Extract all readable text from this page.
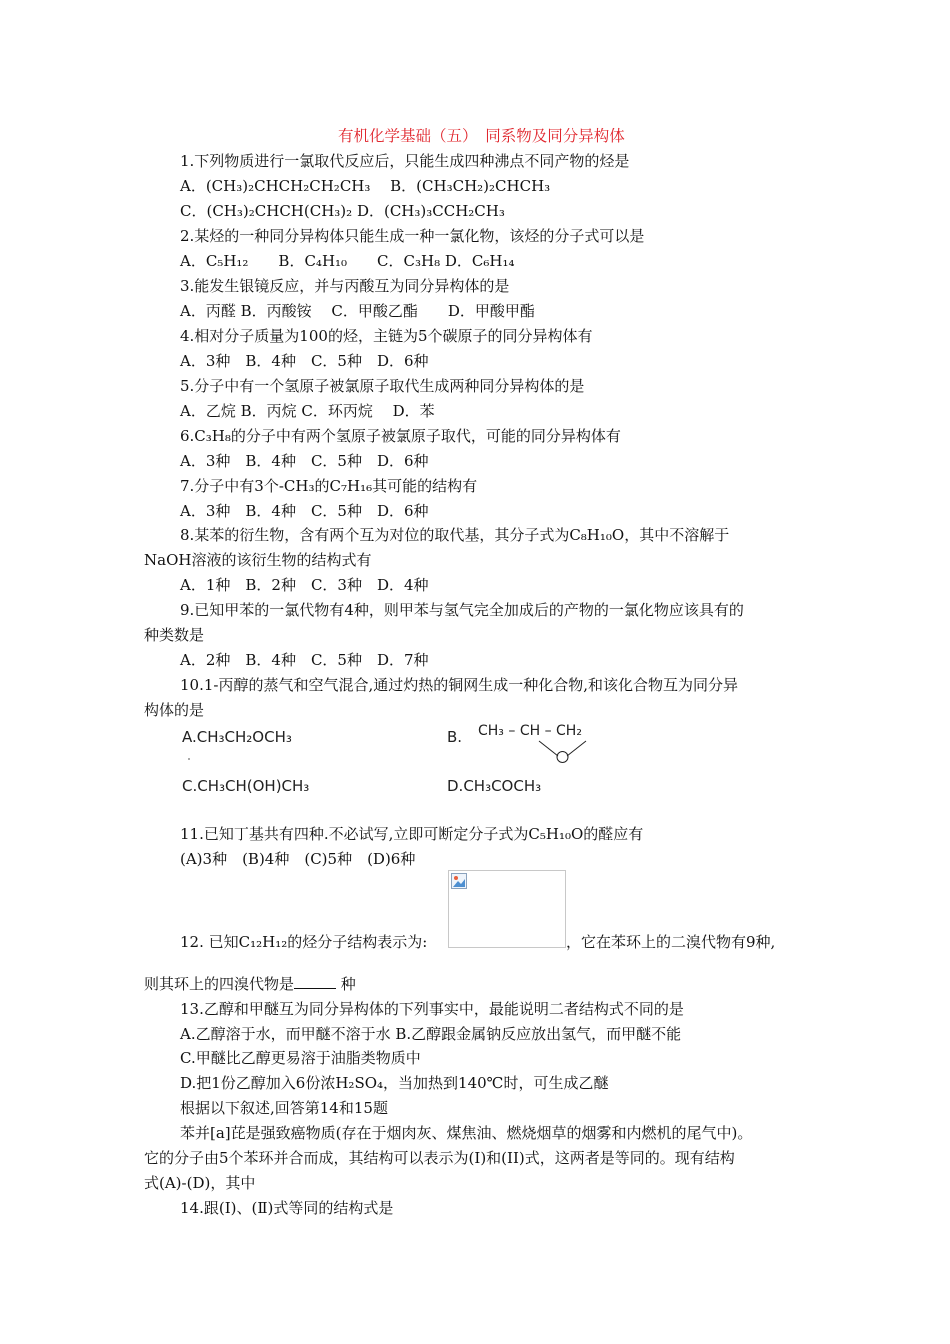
有机化学基础（五）　同系物及同分异构体
1.下列物质进行一氯取代反应后，只能生成四种沸点不同产物的烃是
A．(CH₃)₂CHCH₂CH₂CH₃　 B．(CH₃CH₂)₂CHCH₃
C．(CH₃)₂CHCH(CH₃)₂ D．(CH₃)₃CCH₂CH₃
2.某烃的一种同分异构体只能生成一种一氯化物，该烃的分子式可以是
A．C₅H₁₂　　B．C₄H₁₀　　C．C₃H₈ D．C₆H₁₄
3.能发生银镜反应，并与丙酸互为同分异构体的是
A．丙醛 B．丙酸铵　 C．甲酸乙酯　　D．甲酸甲酯
4.相对分子质量为100的烃，主链为5个碳原子的同分异构体有
A．3种　B．4种　C．5种　D．6种
5.分子中有一个氢原子被氯原子取代生成两种同分异构体的是
A．乙烷 B．丙烷 C．环丙烷　 D．苯
6.C₃H₈的分子中有两个氢原子被氯原子取代，可能的同分异构体有
A．3种　B．4种　C．5种　D．6种
7.分子中有3个-CH₃的C₇H₁₆其可能的结构有
A．3种　B．4种　C．5种　D．6种
8.某苯的衍生物，含有两个互为对位的取代基，其分子式为C₈H₁₀O，其中不溶解于
NaOH溶液的该衍生物的结构式有
A．1种　B．2种　C．3种　D．4种
9.已知甲苯的一氯代物有4种，则甲苯与氢气完全加成后的产物的一氯化物应该具有的
种类数是
A．2种　B．4种　C．5种　D．7种
10.1-丙醇的蒸气和空气混合,通过灼热的铜网生成一种化合物,和该化合物互为同分异
构体的是
A.CH₃CH₂OCH₃	B. CH₃ – CH – CH₂
C.CH₃CH(OH)CH₃	D.CH₃COCH₃
11.已知丁基共有四种.不必试写,立即可断定分子式为C₅H₁₀O的醛应有
(A)3种　(B)4种　(C)5种　(D)6种
12. 已知C₁₂H₁₂的烃分子结构表示为:	，它在苯环上的二溴代物有9种,
则其环上的四溴代物是	种
13.乙醇和甲醚互为同分异构体的下列事实中，最能说明二者结构式不同的是
A.乙醇溶于水，而甲醚不溶于水 B.乙醇跟金属钠反应放出氢气，而甲醚不能
C.甲醚比乙醇更易溶于油脂类物质中
D.把1份乙醇加入6份浓H₂SO₄，当加热到140℃时，可生成乙醚
根据以下叙述,回答第14和15题
苯并[a]芘是强致癌物质(存在于烟肉灰、煤焦油、燃烧烟草的烟雾和内燃机的尾气中)。
它的分子由5个苯环并合而成，其结构可以表示为(I)和(II)式，这两者是等同的。现有结构
式(A)-(D)，其中
14.跟(Ⅰ)、(Ⅱ)式等同的结构式是
